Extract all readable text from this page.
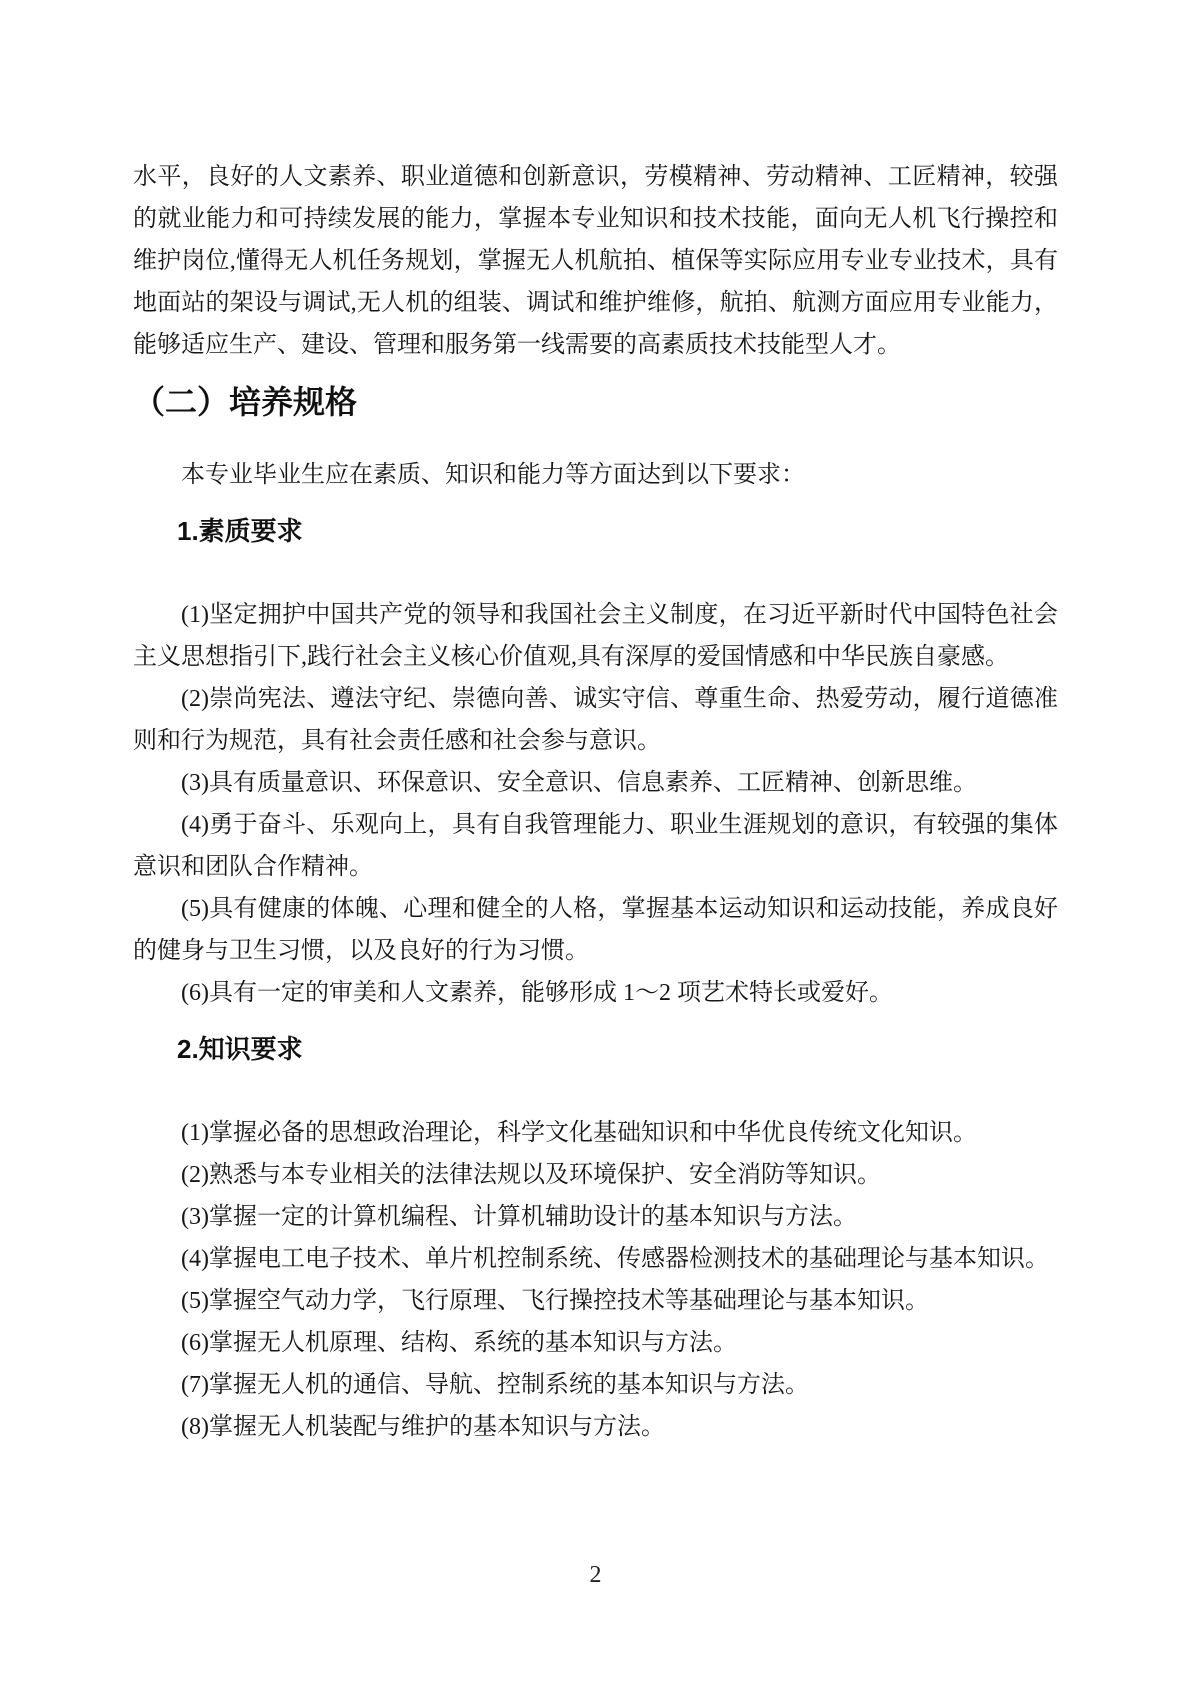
水平，良好的人文素养、职业道德和创新意识，劳模精神、劳动精神、工匠精神，较强的就业能力和可持续发展的能力，掌握本专业知识和技术技能，面向无人机飞行操控和维护岗位,懂得无人机任务规划，掌握无人机航拍、植保等实际应用专业专业技术，具有地面站的架设与调试,无人机的组装、调试和维护维修，航拍、航测方面应用专业能力，能够适应生产、建设、管理和服务第一线需要的高素质技术技能型人才。

（二）培养规格

本专业毕业生应在素质、知识和能力等方面达到以下要求：

1.素质要求

(1)坚定拥护中国共产党的领导和我国社会主义制度，在习近平新时代中国特色社会主义思想指引下,践行社会主义核心价值观,具有深厚的爱国情感和中华民族自豪感。

(2)崇尚宪法、遵法守纪、崇德向善、诚实守信、尊重生命、热爱劳动，履行道德准则和行为规范，具有社会责任感和社会参与意识。

(3)具有质量意识、环保意识、安全意识、信息素养、工匠精神、创新思维。

(4)勇于奋斗、乐观向上，具有自我管理能力、职业生涯规划的意识，有较强的集体意识和团队合作精神。

(5)具有健康的体魄、心理和健全的人格，掌握基本运动知识和运动技能，养成良好的健身与卫生习惯，以及良好的行为习惯。

(6)具有一定的审美和人文素养，能够形成 1～2 项艺术特长或爱好。

2.知识要求

(1)掌握必备的思想政治理论，科学文化基础知识和中华优良传统文化知识。

(2)熟悉与本专业相关的法律法规以及环境保护、安全消防等知识。

(3)掌握一定的计算机编程、计算机辅助设计的基本知识与方法。

(4)掌握电工电子技术、单片机控制系统、传感器检测技术的基础理论与基本知识。

(5)掌握空气动力学，飞行原理、飞行操控技术等基础理论与基本知识。

(6)掌握无人机原理、结构、系统的基本知识与方法。

(7)掌握无人机的通信、导航、控制系统的基本知识与方法。

(8)掌握无人机装配与维护的基本知识与方法。

2
